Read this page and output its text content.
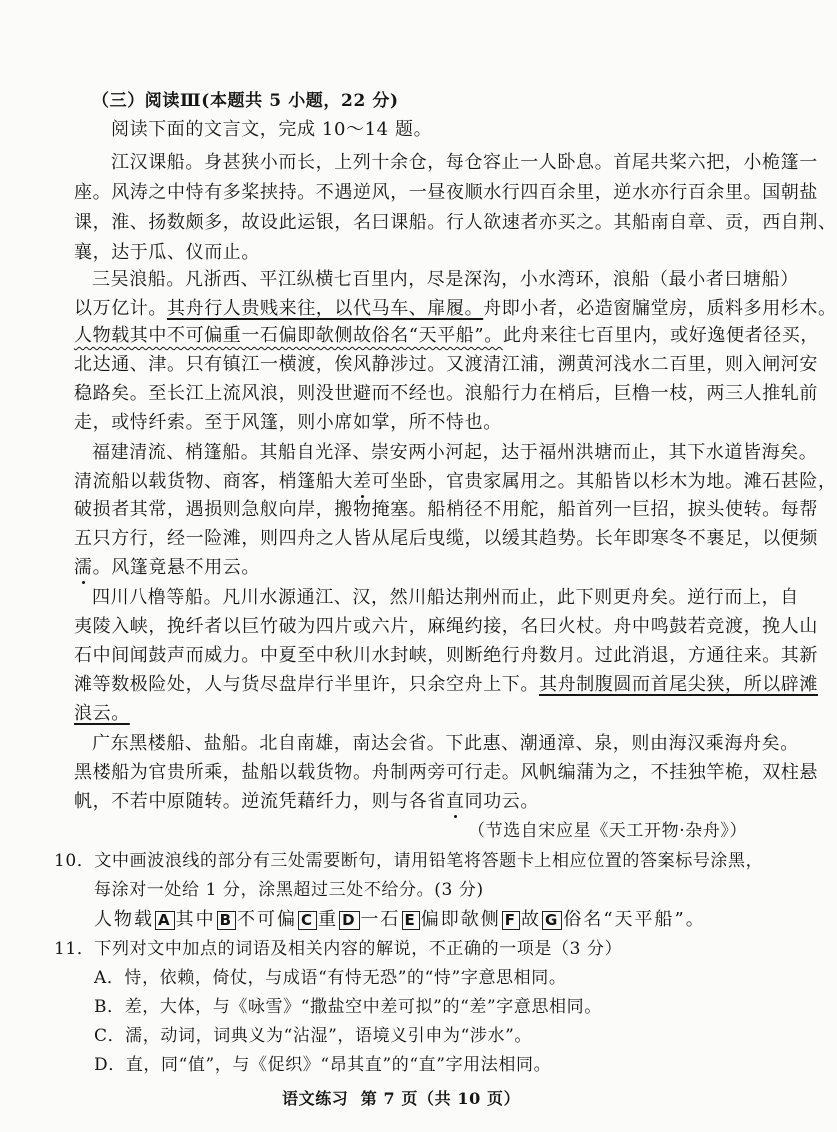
（三）阅读Ⅲ(本题共 5 小题，22 分)
阅读下面的文言文，完成 10～14 题。
江汉课船。身甚狭小而长，上列十余仓，每仓容止一人卧息。首尾共桨六把，小桅篷一
座。风涛之中恃有多桨挟持。不遇逆风，一昼夜顺水行四百余里，逆水亦行百余里。国朝盐
课，淮、扬数颇多，故设此运银，名曰课船。行人欲速者亦买之。其船南自章、贡，西自荆、
襄，达于瓜、仪而止。
三吴浪船。凡浙西、平江纵横七百里内，尽是深沟，小水湾环，浪船（最小者曰塘船）
以万亿计。其舟行人贵贱来往，以代马车、扉履。舟即小者，必造窗牖堂房，质料多用杉木。
人物载其中不可偏重一石偏即欹侧故俗名“天平船”。此舟来往七百里内，或好逸便者径买，
北达通、津。只有镇江一横渡，俟风静涉过。又渡清江浦，溯黄河浅水二百里，则入闸河安
稳路矣。至长江上流风浪，则没世避而不经也。浪船行力在梢后，巨橹一枝，两三人推轧前
走，或恃纤索。至于风篷，则小席如掌，所不恃也。
福建清流、梢篷船。其船自光泽、崇安两小河起，达于福州洪塘而止，其下水道皆海矣。
清流船以载货物、商客，梢篷船大差可坐卧，官贵家属用之。其船皆以杉木为地。滩石甚险，
破损者其常，遇损则急舣向岸，搬物掩塞。船梢径不用舵，船首列一巨招，捩头使转。每帮
五只方行，经一险滩，则四舟之人皆从尾后曳缆，以缓其趋势。长年即寒冬不裹足，以便频
濡。风篷竟悬不用云。
四川八橹等船。凡川水源通江、汉，然川船达荆州而止，此下则更舟矣。逆行而上，自
夷陵入峡，挽纤者以巨竹破为四片或六片，麻绳约接，名曰火杖。舟中鸣鼓若竞渡，挽人山
石中间闻鼓声而威力。中夏至中秋川水封峡，则断绝行舟数月。过此消退，方通往来。其新
滩等数极险处，人与货尽盘岸行半里许，只余空舟上下。其舟制腹圆而首尾尖狭，所以辟滩
浪云。
广东黑楼船、盐船。北自南雄，南达会省。下此惠、潮通漳、泉，则由海汉乘海舟矣。
黑楼船为官贵所乘，盐船以载货物。舟制两旁可行走。风帆编蒲为之，不挂独竿桅，双柱悬
帆，不若中原随转。逆流凭藉纤力，则与各省直同功云。
（节选自宋应星《天工开物·杂舟》）
10．文中画波浪线的部分有三处需要断句，请用铅笔将答题卡上相应位置的答案标号涂黑，
每涂对一处给 1 分，涂黑超过三处不给分。(3 分)
人物载 A 其中 B 不可偏 C 重 D 一石 E 偏即欹侧 F 故 G 俗名“天平船”。
11．下列对文中加点的词语及相关内容的解说，不正确的一项是（3 分）
A．恃，依赖，倚仗，与成语“有恃无恐”的“恃”字意思相同。
B．差，大体，与《咏雪》“撒盐空中差可拟”的“差”字意思相同。
C．濡，动词，词典义为“沾湿”，语境义引申为“涉水”。
D．直，同“值”，与《促织》“昂其直”的“直”字用法相同。
语文练习  第 7 页（共 10 页）
